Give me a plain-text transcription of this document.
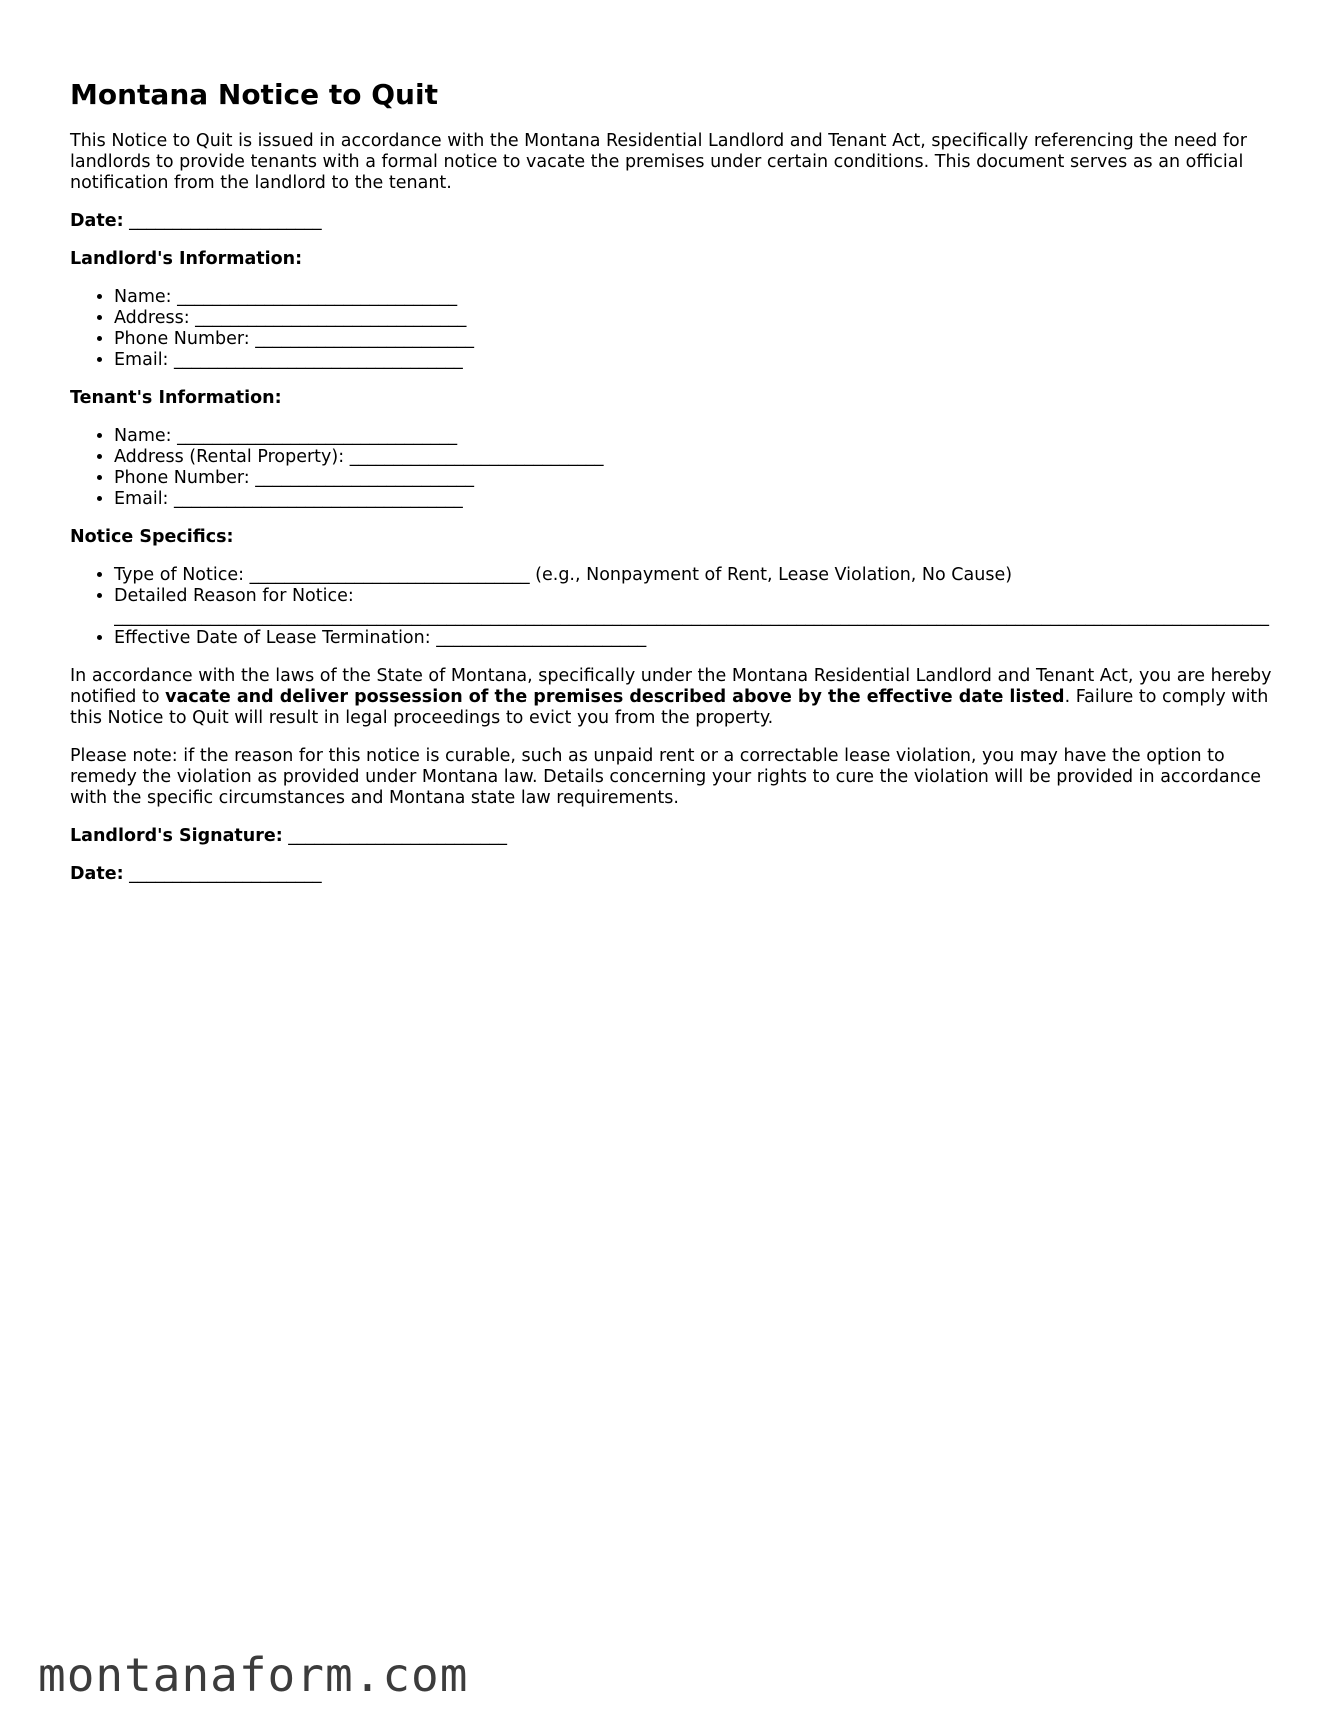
Montana Notice to Quit

This Notice to Quit is issued in accordance with the Montana Residential Landlord and Tenant Act, specifically referencing the need for landlords to provide tenants with a formal notice to vacate the premises under certain conditions. This document serves as an official notification from the landlord to the tenant.

Date: ______________________
Landlord's Information:
• Name: ________________________________
• Address: _______________________________
• Phone Number: _________________________
• Email: _________________________________
Tenant's Information:
• Name: ________________________________
• Address (Rental Property): _____________________________
• Phone Number: _________________________
• Email: _________________________________
Notice Specifics:
• Type of Notice: ________________________________ (e.g., Nonpayment of Rent, Lease Violation, No Cause)
• Detailed Reason for Notice:
____________________________________________________________________________________________________________________________________
• Effective Date of Lease Termination: ________________________

In accordance with the laws of the State of Montana, specifically under the Montana Residential Landlord and Tenant Act, you are hereby notified to vacate and deliver possession of the premises described above by the effective date listed. Failure to comply with this Notice to Quit will result in legal proceedings to evict you from the property.

Please note: if the reason for this notice is curable, such as unpaid rent or a correctable lease violation, you may have the option to remedy the violation as provided under Montana law. Details concerning your rights to cure the violation will be provided in accordance with the specific circumstances and Montana state law requirements.

Landlord's Signature: _________________________
Date: ______________________
montanaform.com
